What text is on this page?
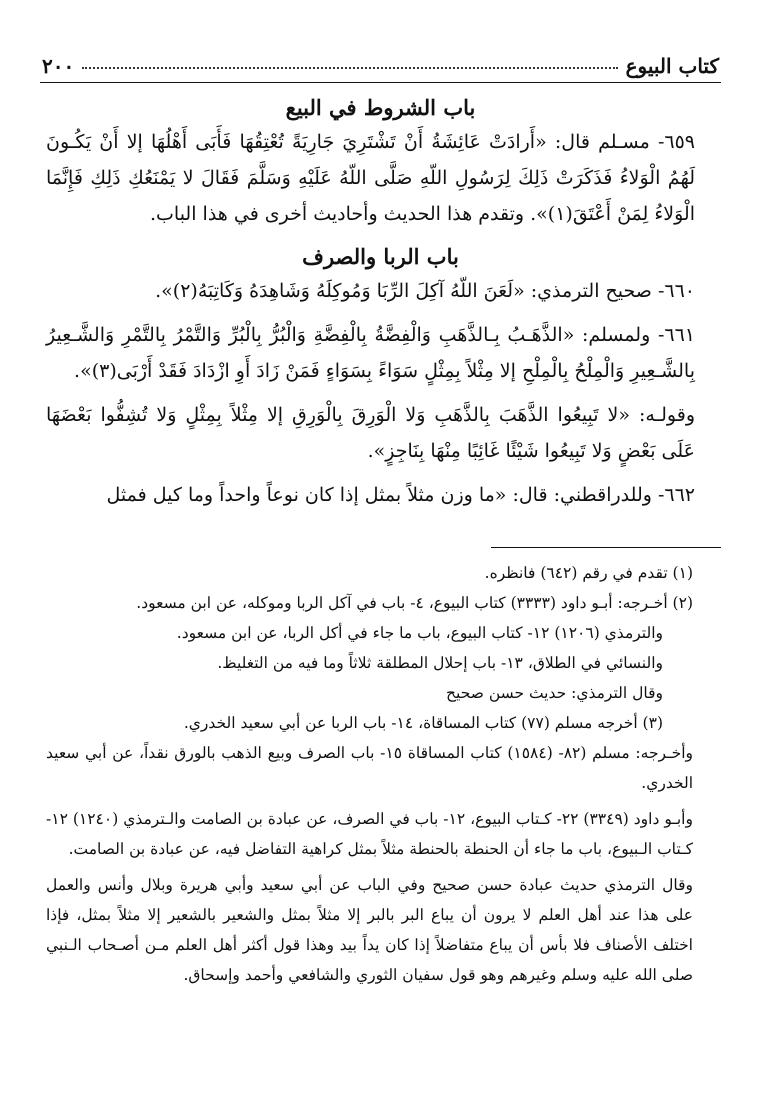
كتاب البيوع
٢٠٠
باب الشروط في البيع

٦٥٩- مسـلم قال: «أَرادَتْ عَائِشَةُ أَنْ تَشْتَرِيَ جَارِيَةً تُعْتِقُهَا فَأَبَى أَهْلُهَا إلا أَنْ يَكُـونَ لَهُمُ الْوَلاءُ فَذَكَرَتْ ذَلِكَ لِرَسُولِ اللّهِ صَلَّى اللّهُ عَلَيْهِ وَسَلَّمَ فَقَالَ لا يَمْنَعُكِ ذَلِكِ فَإِنَّمَا الْوَلاءُ لِمَنْ أَعْتَقَ(١)». وتقدم هذا الحديث وأحاديث أخرى في هذا الباب.

باب الربا والصرف

٦٦٠- صحيح الترمذي: «لَعَنَ اللّهُ آكِلَ الرِّبَا وَمُوكِلَهُ وَشَاهِدَهُ وَكَاتِبَهُ(٢)».

٦٦١- ولمسلم: «الذَّهَـبُ بِـالذَّهَبِ وَالْفِضَّةُ بِالْفِضَّةِ وَالْبُرُّ بِالْبُرِّ وَالتَّمْرُ بِالتَّمْرِ وَالشَّـعِيرُ بِالشَّـعِيرِ وَالْمِلْحُ بِالْمِلْحِ إلا مِثْلاً بِمِثْلٍ سَوَاءً بِسَوَاءٍ فَمَنْ زَادَ أَوِ ازْدَادَ فَقَدْ أَرْبَى(٣)».

وقولـه: «لا تَبِيعُوا الذَّهَبَ بِالذَّهَبِ وَلا الْوَرِقَ بِالْوَرِقِ إلا مِثْلاً بِمِثْلٍ وَلا تُشِفُّوا بَعْضَهَا عَلَى بَعْضٍ وَلا تَبِيعُوا شَيْئًا غَائِبًا مِنْهَا بِنَاجِزٍ».

٦٦٢- وللدراقطني: قال: «ما وزن مثلاً بمثل إذا كان نوعاً واحداً وما كيل فمثل

(١) تقدم في رقم (٦٤٢) فانظره.

(٢) أخـرجه: أبـو داود (٣٣٣٣) كتاب البيوع، ٤- باب في آكل الربا وموكله، عن ابن مسعود.

والترمذي (١٢٠٦) ١٢- كتاب البيوع، باب ما جاء في أكل الربا، عن ابن مسعود.

والنسائي في الطلاق، ١٣- باب إحلال المطلقة ثلاثاً وما فيه من التغليظ.

وقال الترمذي: حديث حسن صحيح

(٣) أخرجه مسلم (٧٧) كتاب المساقاة، ١٤- باب الربا عن أبي سعيد الخدري.

وأخـرجه: مسلم (٨٢- (١٥٨٤) كتاب المساقاة ١٥- باب الصرف وبيع الذهب بالورق نقداً، عن أبي سعيد الخدري.

وأبـو داود (٣٣٤٩) ٢٢- كـتاب البيوع، ١٢- باب في الصرف، عن عبادة بن الصامت والـترمذي (١٢٤٠) ١٢- كـتاب الـبيوع، باب ما جاء أن الحنطة بالحنطة مثلاً بمثل كراهية التفاضل فيه، عن عبادة بن الصامت.

وقال الترمذي حديث عبادة حسن صحيح وفي الباب عن أبي سعيد وأبي هريرة وبلال وأنس والعمل على هذا عند أهل العلم لا يرون أن يباع البر بالبر إلا مثلاً بمثل والشعير بالشعير إلا مثلاً بمثل، فإذا اختلف الأصناف فلا بأس أن يباع متفاضلاً إذا كان يداً بيد وهذا قول أكثر أهل العلم مـن أصـحاب الـنبي صلى الله عليه وسلم وغيرهم وهو قول سفيان الثوري والشافعي وأحمد وإسحاق.
